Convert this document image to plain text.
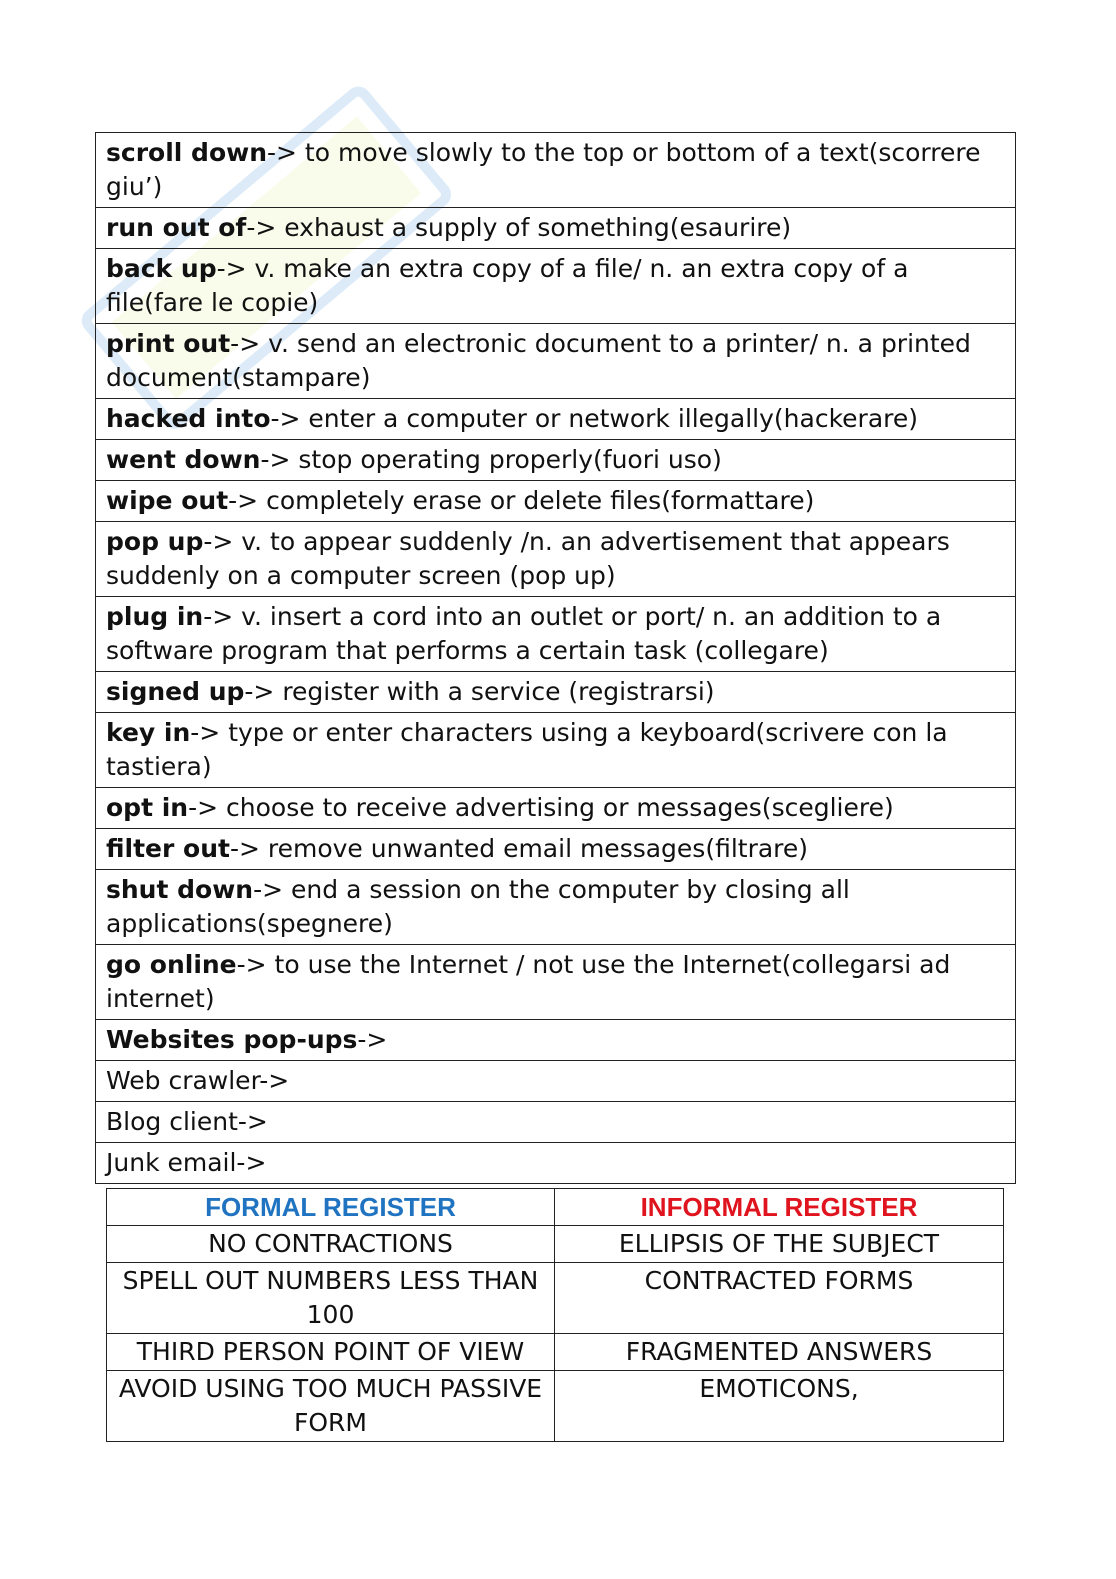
scroll down-> to move slowly to the top or bottom of a text(scorrere giu’)
run out of-> exhaust a supply of something(esaurire)
back up-> v. make an extra copy of a file/ n. an extra copy of a file(fare le copie)
print out-> v. send an electronic document to a printer/ n. a printed document(stampare)
hacked into-> enter a computer or network illegally(hackerare)
went down-> stop operating properly(fuori uso)
wipe out-> completely erase or delete files(formattare)
pop up-> v. to appear suddenly /n. an advertisement that appears suddenly on a computer screen (pop up)
plug in-> v. insert a cord into an outlet or port/ n. an addition to a software program that performs a certain task (collegare)
signed up-> register with a service (registrarsi)
key in-> type or enter characters using a keyboard(scrivere con la tastiera)
opt in-> choose to receive advertising or messages(scegliere)
filter out-> remove unwanted email messages(filtrare)
shut down-> end a session on the computer by closing all applications(spegnere)
go online-> to use the Internet / not use the Internet(collegarsi ad internet)
Websites pop-ups->
Web crawler->
Blog client->
Junk email->
FORMAL REGISTER	INFORMAL REGISTER
NO CONTRACTIONS	ELLIPSIS OF THE SUBJECT
SPELL OUT NUMBERS LESS THAN 100	CONTRACTED FORMS
THIRD PERSON POINT OF VIEW	FRAGMENTED ANSWERS
AVOID USING TOO MUCH PASSIVE FORM	EMOTICONS,
